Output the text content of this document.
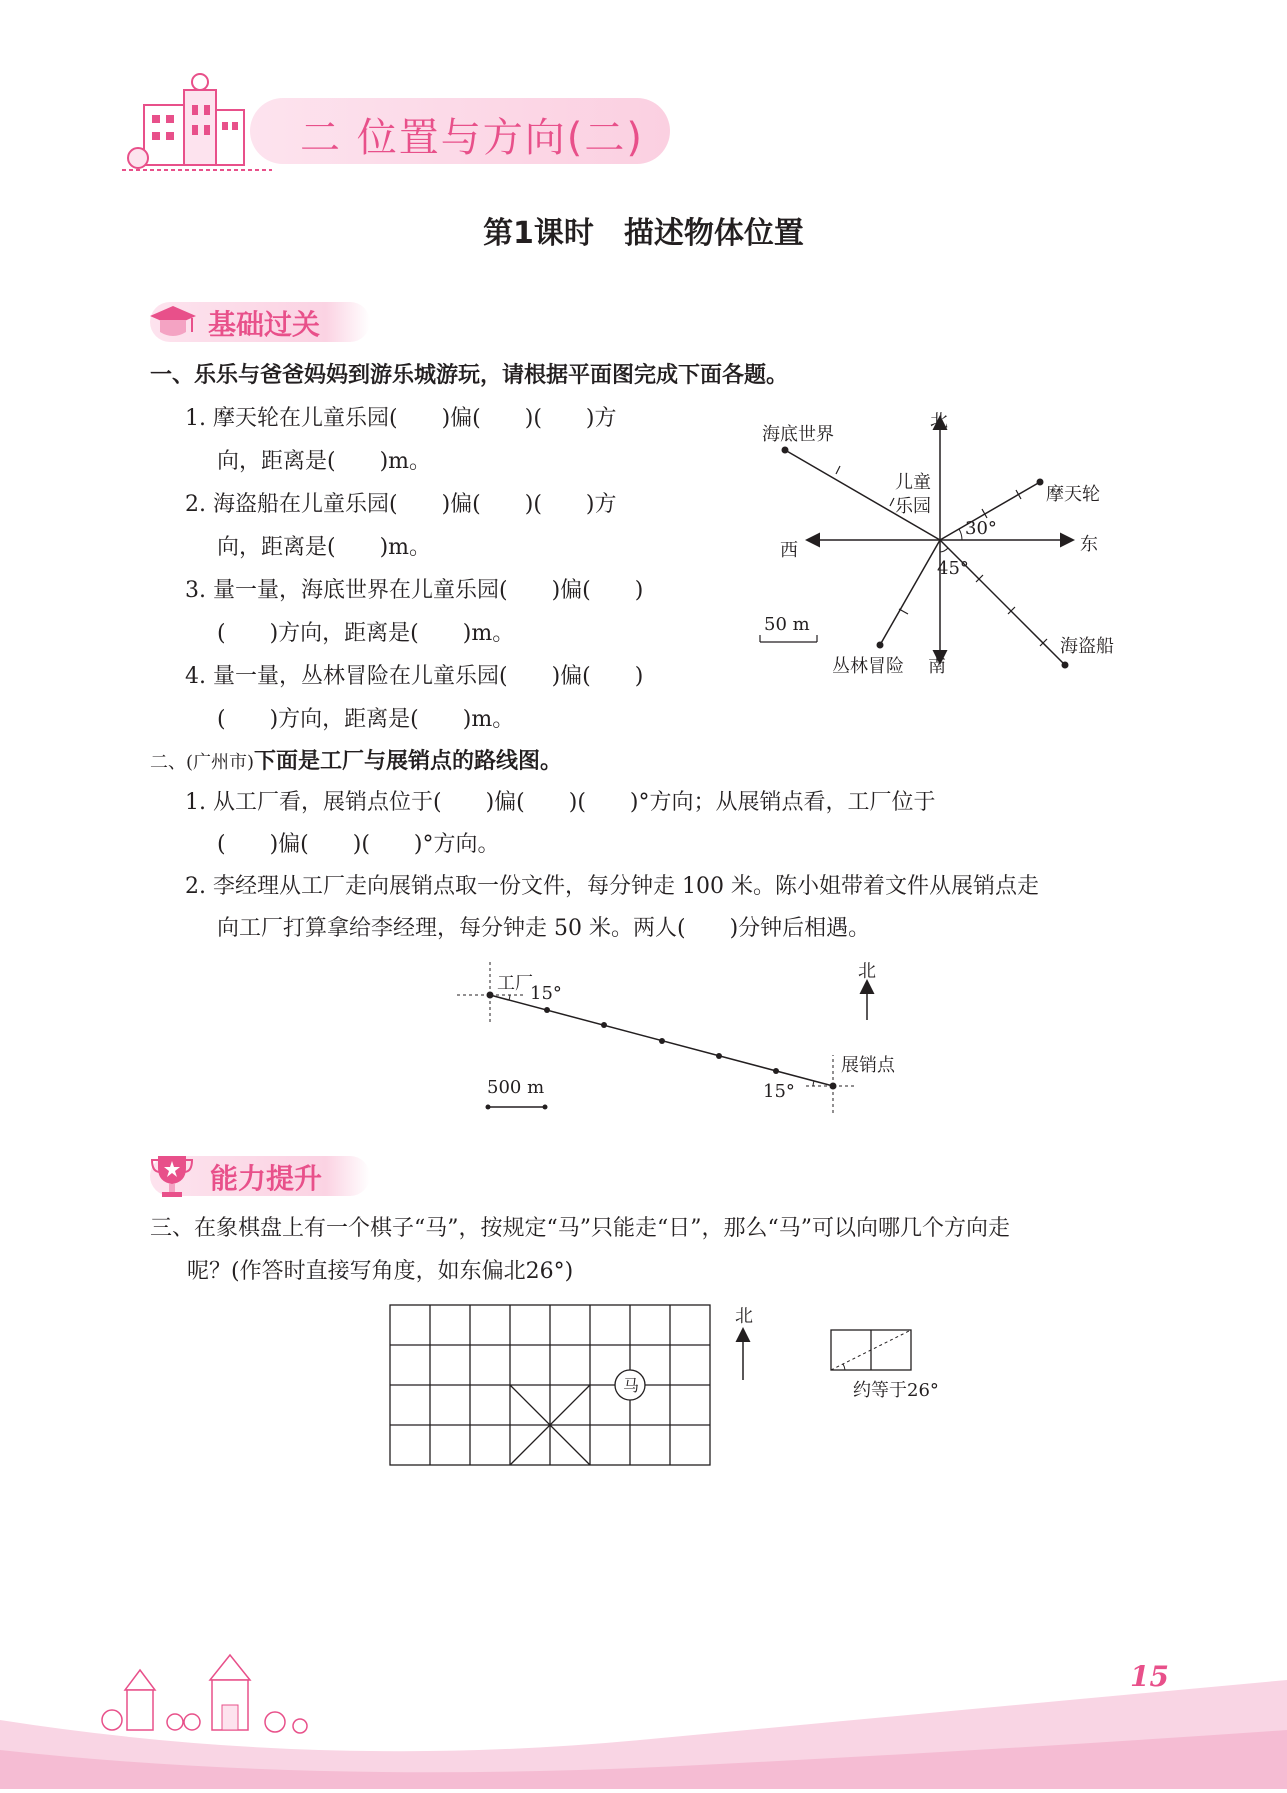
二 位置与方向(二)
第1课时　描述物体位置
基础过关
一、乐乐与爸爸妈妈到游乐城游玩，请根据平面图完成下面各题。
1. 摩天轮在儿童乐园(　　)偏(　　)(　　)方
向，距离是(　　)m。
2. 海盗船在儿童乐园(　　)偏(　　)(　　)方
向，距离是(　　)m。
3. 量一量，海底世界在儿童乐园(　　)偏(　　)
(　　)方向，距离是(　　)m。
4. 量一量，丛林冒险在儿童乐园(　　)偏(　　)
(　　)方向，距离是(　　)m。
北
南
东
西
儿童
乐园
摩天轮
海底世界
海盗船
丛林冒险
30°
45°
50 m
二、(广州市)下面是工厂与展销点的路线图。
1. 从工厂看，展销点位于(　　)偏(　　)(　　)°方向；从展销点看，工厂位于
(　　)偏(　　)(　　)°方向。
2. 李经理从工厂走向展销点取一份文件，每分钟走 100 米。陈小姐带着文件从展销点走
向工厂打算拿给李经理，每分钟走 50 米。两人(　　)分钟后相遇。
工厂
15°
展销点
15°
北
500 m
能力提升
三、在象棋盘上有一个棋子“马”，按规定“马”只能走“日”，那么“马”可以向哪几个方向走
呢？(作答时直接写角度，如东偏北26°)
马
北
约等于26°
15
